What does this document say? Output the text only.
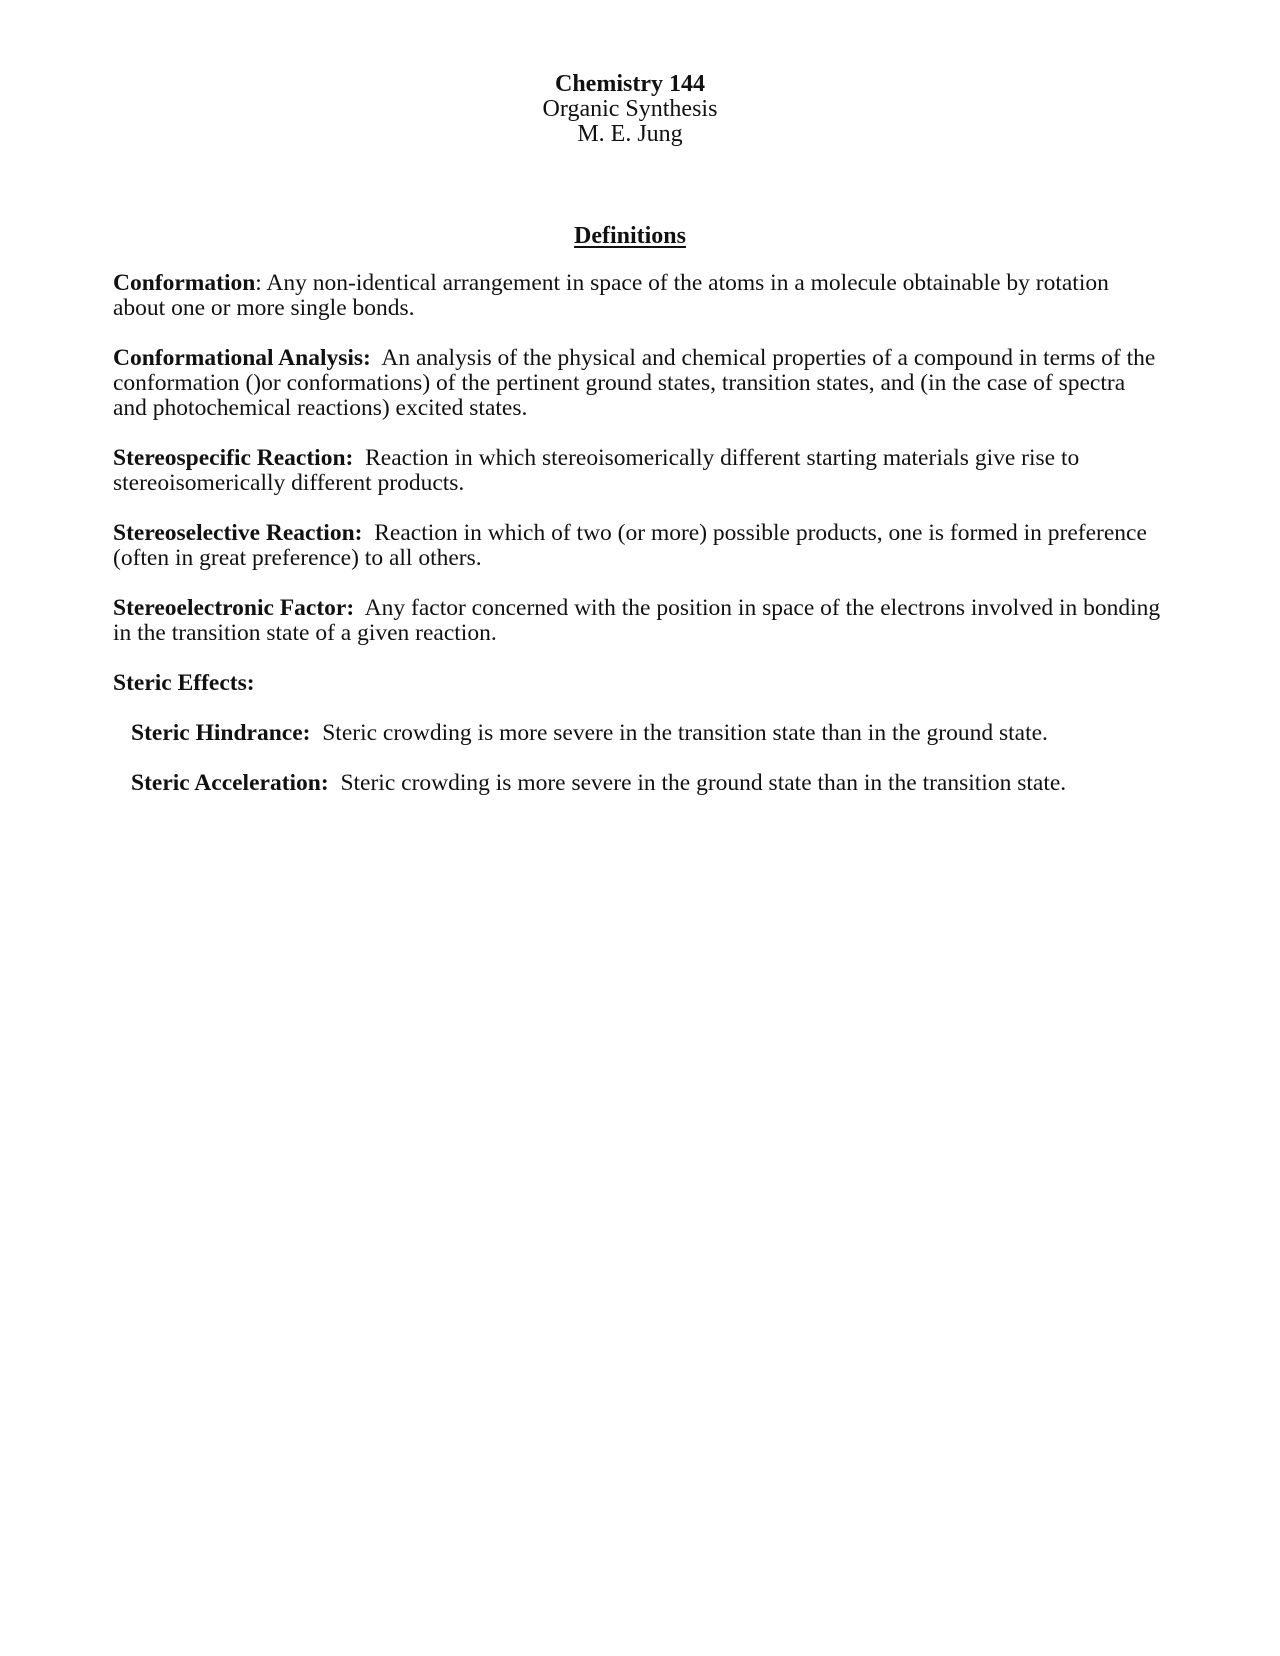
Chemistry 144
Organic Synthesis
M. E. Jung
Definitions

Conformation: Any non-identical arrangement in space of the atoms in a molecule obtainable by rotation about one or more single bonds.

Conformational Analysis: An analysis of the physical and chemical properties of a compound in terms of the conformation ()or conformations) of the pertinent ground states, transition states, and (in the case of spectra and photochemical reactions) excited states.

Stereospecific Reaction: Reaction in which stereoisomerically different starting materials give rise to stereoisomerically different products.

Stereoselective Reaction: Reaction in which of two (or more) possible products, one is formed in preference (often in great preference) to all others.

Stereoelectronic Factor: Any factor concerned with the position in space of the electrons involved in bonding in the transition state of a given reaction.

Steric Effects:

Steric Hindrance: Steric crowding is more severe in the transition state than in the ground state.

Steric Acceleration: Steric crowding is more severe in the ground state than in the transition state.
